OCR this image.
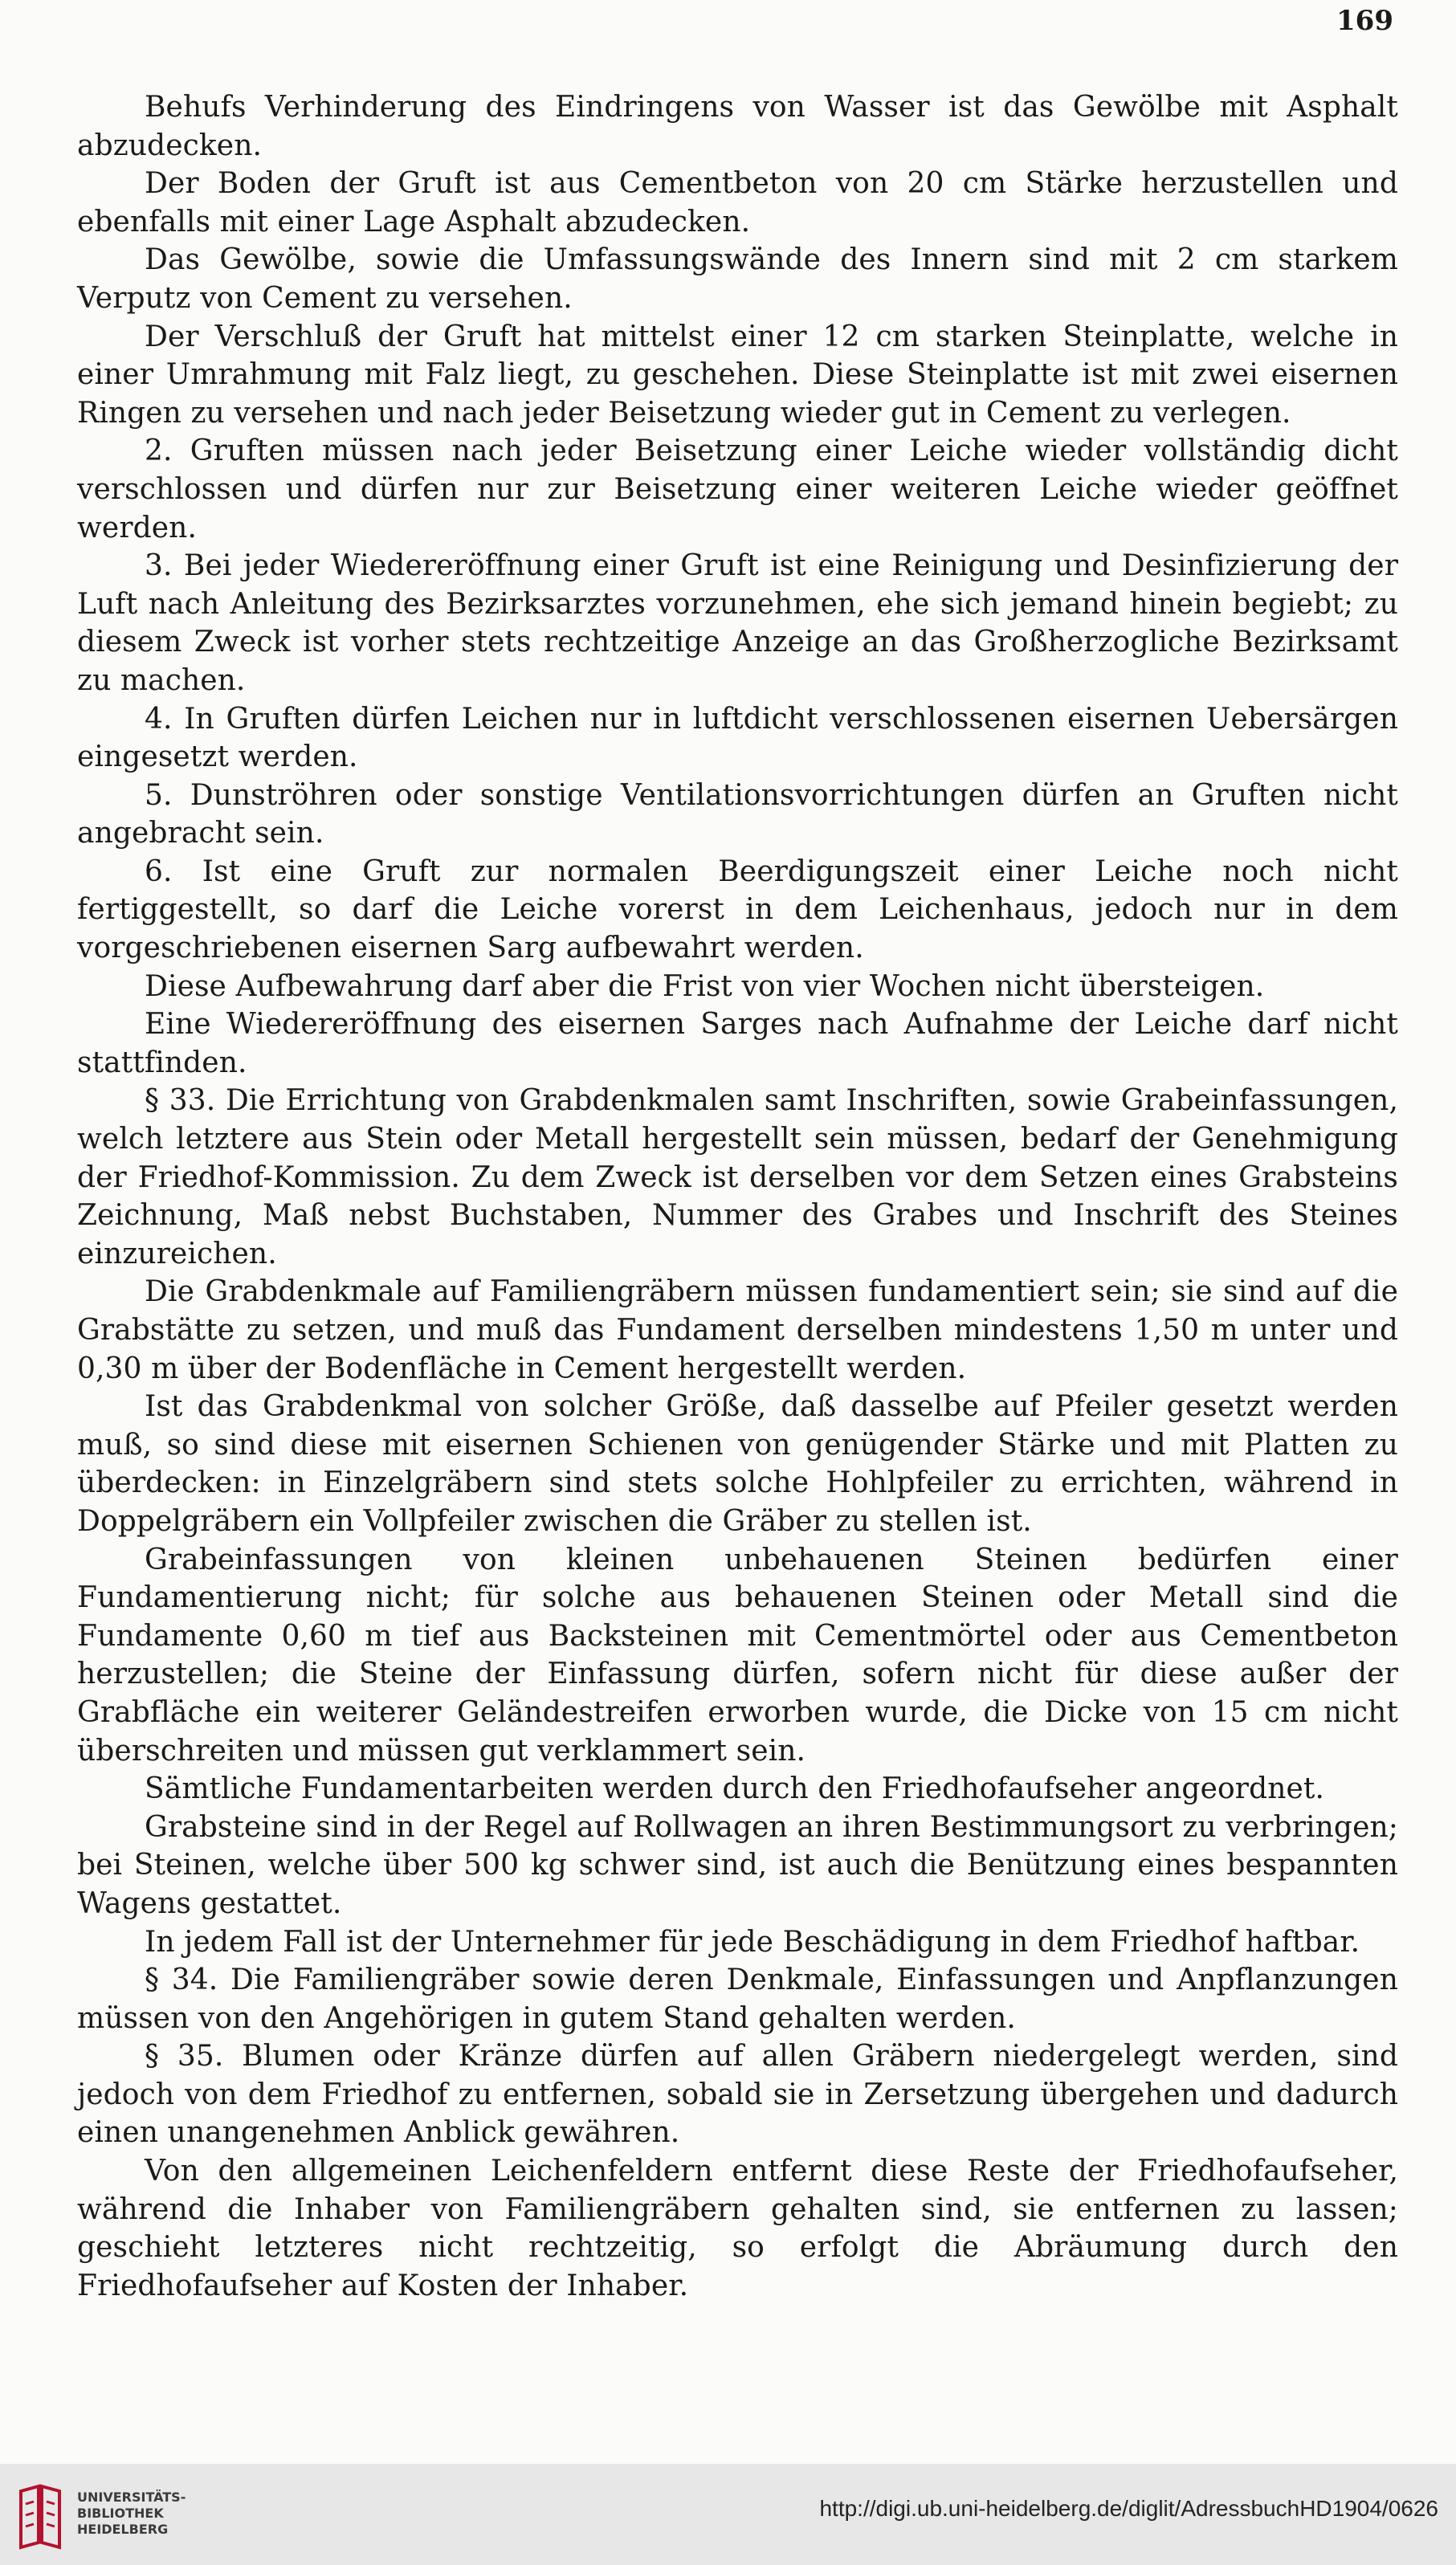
169

Behufs Verhinderung des Eindringens von Wasser ist das Gewölbe mit Asphalt abzudecken.

Der Boden der Gruft ist aus Cementbeton von 20 cm Stärke herzustellen und ebenfalls mit einer Lage Asphalt abzudecken.

Das Gewölbe, sowie die Umfassungswände des Innern sind mit 2 cm starkem Verputz von Cement zu versehen.

Der Verschluß der Gruft hat mittelst einer 12 cm starken Steinplatte, welche in einer Umrahmung mit Falz liegt, zu geschehen. Diese Steinplatte ist mit zwei eisernen Ringen zu versehen und nach jeder Beisetzung wieder gut in Cement zu verlegen.

2. Gruften müssen nach jeder Beisetzung einer Leiche wieder vollständig dicht verschlossen und dürfen nur zur Beisetzung einer weiteren Leiche wieder geöffnet werden.

3. Bei jeder Wiedereröffnung einer Gruft ist eine Reinigung und Desinfizierung der Luft nach Anleitung des Bezirksarztes vorzunehmen, ehe sich jemand hinein begiebt; zu diesem Zweck ist vorher stets rechtzeitige Anzeige an das Großherzogliche Bezirksamt zu machen.

4. In Gruften dürfen Leichen nur in luftdicht verschlossenen eisernen Uebersärgen eingesetzt werden.

5. Dunströhren oder sonstige Ventilationsvorrichtungen dürfen an Gruften nicht angebracht sein.

6. Ist eine Gruft zur normalen Beerdigungszeit einer Leiche noch nicht fertiggestellt, so darf die Leiche vorerst in dem Leichenhaus, jedoch nur in dem vorgeschriebenen eisernen Sarg aufbewahrt werden.

Diese Aufbewahrung darf aber die Frist von vier Wochen nicht übersteigen.

Eine Wiedereröffnung des eisernen Sarges nach Aufnahme der Leiche darf nicht stattfinden.

§ 33. Die Errichtung von Grabdenkmalen samt Inschriften, sowie Grabeinfassungen, welch letztere aus Stein oder Metall hergestellt sein müssen, bedarf der Genehmigung der Friedhof-Kommission. Zu dem Zweck ist derselben vor dem Setzen eines Grabsteins Zeichnung, Maß nebst Buchstaben, Nummer des Grabes und Inschrift des Steines einzureichen.

Die Grabdenkmale auf Familiengräbern müssen fundamentiert sein; sie sind auf die Grabstätte zu setzen, und muß das Fundament derselben mindestens 1,50 m unter und 0,30 m über der Bodenfläche in Cement hergestellt werden.

Ist das Grabdenkmal von solcher Größe, daß dasselbe auf Pfeiler gesetzt werden muß, so sind diese mit eisernen Schienen von genügender Stärke und mit Platten zu überdecken: in Einzelgräbern sind stets solche Hohlpfeiler zu errichten, während in Doppelgräbern ein Vollpfeiler zwischen die Gräber zu stellen ist.

Grabeinfassungen von kleinen unbehauenen Steinen bedürfen einer Fundamentierung nicht; für solche aus behauenen Steinen oder Metall sind die Fundamente 0,60 m tief aus Backsteinen mit Cementmörtel oder aus Cementbeton herzustellen; die Steine der Einfassung dürfen, sofern nicht für diese außer der Grabfläche ein weiterer Geländestreifen erworben wurde, die Dicke von 15 cm nicht überschreiten und müssen gut verklammert sein.

Sämtliche Fundamentarbeiten werden durch den Friedhofaufseher angeordnet.

Grabsteine sind in der Regel auf Rollwagen an ihren Bestimmungsort zu verbringen; bei Steinen, welche über 500 kg schwer sind, ist auch die Benützung eines bespannten Wagens gestattet.

In jedem Fall ist der Unternehmer für jede Beschädigung in dem Friedhof haftbar.

§ 34. Die Familiengräber sowie deren Denkmale, Einfassungen und Anpflanzungen müssen von den Angehörigen in gutem Stand gehalten werden.

§ 35. Blumen oder Kränze dürfen auf allen Gräbern niedergelegt werden, sind jedoch von dem Friedhof zu entfernen, sobald sie in Zersetzung übergehen und dadurch einen unangenehmen Anblick gewähren.

Von den allgemeinen Leichenfeldern entfernt diese Reste der Friedhofaufseher, während die Inhaber von Familiengräbern gehalten sind, sie entfernen zu lassen; geschieht letzteres nicht rechtzeitig, so erfolgt die Abräumung durch den Friedhofaufseher auf Kosten der Inhaber.

UNIVERSITÄTS-
BIBLIOTHEK
HEIDELBERG
http://digi.ub.uni-heidelberg.de/diglit/AdressbuchHD1904/0626
